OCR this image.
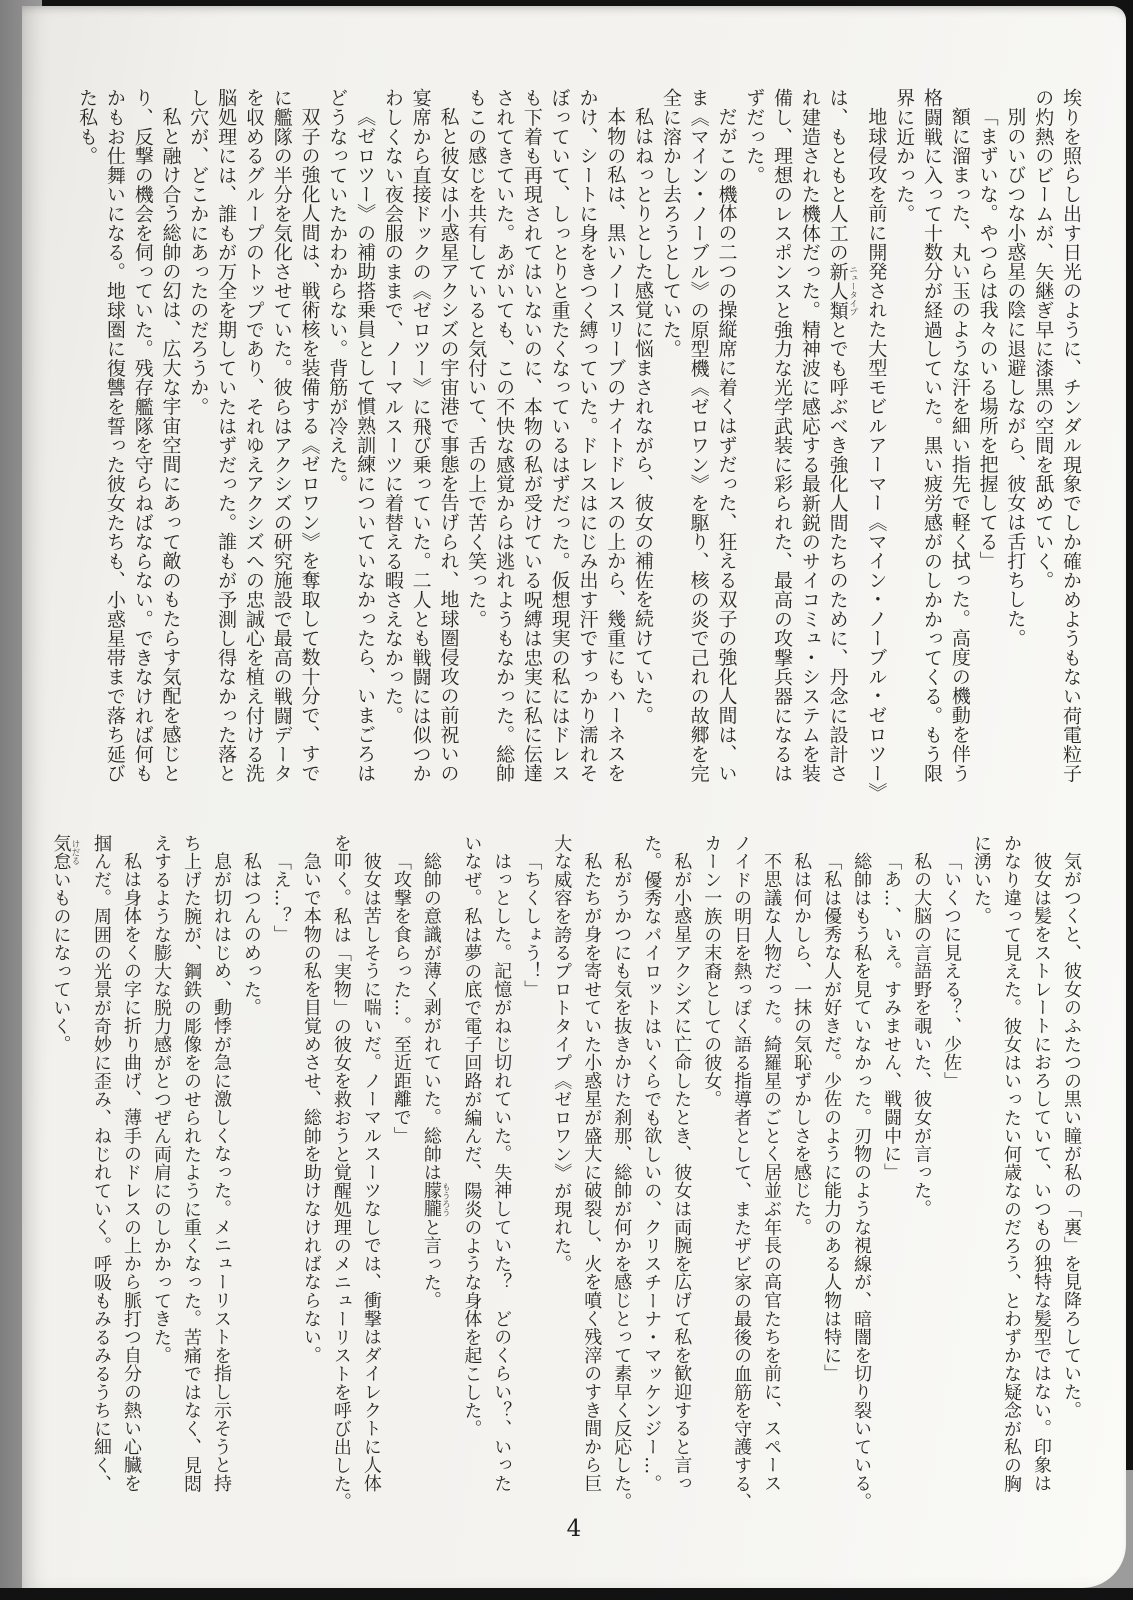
埃りを照らし出す日光のように、チンダル現象でしか確かめようもない荷電粒子
の灼熱のビームが、矢継ぎ早に漆黒の空間を舐めていく。
別のいびつな小惑星の陰に退避しながら、彼女は舌打ちした。
「まずいな。やつらは我々のいる場所を把握してる」
額に溜まった、丸い玉のような汗を細い指先で軽く拭った。高度の機動を伴う
格闘戦に入って十数分が経過していた。黒い疲労感がのしかかってくる。もう限
界に近かった。
地球侵攻を前に開発された大型モビルアーマー《マイン・ノーブル・ゼロツー》
は、もともと人工の新人類 ニュータイプとでも呼ぶべき強化人間たちのために、丹念に設計さ
れ建造された機体だった。精神波に感応する最新鋭のサイコミュ・システムを装
備し、理想のレスポンスと強力な光学武装に彩られた、最高の攻撃兵器になるは
ずだった。
だがこの機体の二つの操縦席に着くはずだった、狂える双子の強化人間は、い
ま《マイン・ノーブル》の原型機《ゼロワン》を駆り、核の炎で己れの故郷を完
全に溶かし去ろうとしていた。
私はねっとりとした感覚に悩まされながら、彼女の補佐を続けていた。
本物の私は、黒いノースリーブのナイトドレスの上から、幾重にもハーネスを
かけ、シートに身をきつく縛っていた。ドレスはにじみ出す汗ですっかり濡れそ
ぼっていて、しっとりと重たくなっているはずだった。仮想現実の私にはドレス
も下着も再現されてはいないのに、本物の私が受けている呪縛は忠実に私に伝達
されてきていた。あがいても、この不快な感覚からは逃れようもなかった。総帥
もこの感じを共有していると気付いて、舌の上で苦く笑った。
私と彼女は小惑星アクシズの宇宙港で事態を告げられ、地球圏侵攻の前祝いの
宴席から直接ドックの《ゼロツー》に飛び乗っていた。二人とも戦闘には似つか
わしくない夜会服のままで、ノーマルスーツに着替える暇さえなかった。
《ゼロツー》の補助搭乗員として慣熟訓練についていなかったら、いまごろは
どうなっていたかわからない。背筋が冷えた。
双子の強化人間は、戦術核を装備する《ゼロワン》を奪取して数十分で、すで
に艦隊の半分を気化させていた。彼らはアクシズの研究施設で最高の戦闘データ
を収めるグループのトップであり、それゆえアクシズへの忠誠心を植え付ける洗
脳処理には、誰もが万全を期していたはずだった。誰もが予測し得なかった落と
し穴が、どこかにあったのだろうか。
私と融け合う総帥の幻は、広大な宇宙空間にあって敵のもたらす気配を感じと
り、反撃の機会を伺っていた。残存艦隊を守らねばならない。できなければ何も
かもお仕舞いになる。地球圏に復讐を誓った彼女たちも、小惑星帯まで落ち延び
た私も。
気がつくと、彼女のふたつの黒い瞳が私の「裏」を見降ろしていた。
彼女は髪をストレートにおろしていて、いつもの独特な髪型ではない。印象は
かなり違って見えた。彼女はいったい何歳なのだろう、とわずかな疑念が私の胸
に湧いた。
「いくつに見える？、少佐」
私の大脳の言語野を覗いた、彼女が言った。
「あ…、いえ。すみません、戦闘中に」
総帥はもう私を見ていなかった。刃物のような視線が、暗闇を切り裂いている。
「私は優秀な人が好きだ。少佐のように能力のある人物は特に」
私は何かしら、一抹の気恥ずかしさを感じた。
不思議な人物だった。綺羅星のごとく居並ぶ年長の高官たちを前に、スペース
ノイドの明日を熱っぽく語る指導者として、またザビ家の最後の血筋を守護する、
カーン一族の末裔としての彼女。
私が小惑星アクシズに亡命したとき、彼女は両腕を広げて私を歓迎すると言っ
た。優秀なパイロットはいくらでも欲しいの、クリスチーナ・マッケンジー…。
私がうかつにも気を抜きかけた刹那、総帥が何かを感じとって素早く反応した。
私たちが身を寄せていた小惑星が盛大に破裂し、火を噴く残滓のすき間から巨
大な威容を誇るプロトタイプ《ゼロワン》が現れた。
「ちくしょう！」
はっとした。記憶がねじ切れていた。失神していた？　どのくらい？、いった
いなぜ。私は夢の底で電子回路が編んだ、陽炎のような身体を起こした。
総帥の意識が薄く剥がれていた。総帥は朦朧もうろうと言った。
「攻撃を食らった…。至近距離で」
彼女は苦しそうに喘いだ。ノーマルスーツなしでは、衝撃はダイレクトに人体
を叩く。私は「実物」の彼女を救おうと覚醒処理のメニューリストを呼び出した。
急いで本物の私を目覚めさせ、総帥を助けなければならない。
「え…？」
私はつんのめった。
息が切れはじめ、動悸が急に激しくなった。メニューリストを指し示そうと持
ち上げた腕が、鋼鉄の彫像をのせられたように重くなった。苦痛ではなく、見悶
えするような膨大な脱力感がとつぜん両肩にのしかかってきた。
私は身体をくの字に折り曲げ、薄手のドレスの上から脈打つ自分の熱い心臓を
掴んだ。周囲の光景が奇妙に歪み、ねじれていく。呼吸もみるみるうちに細く、
気怠けだるいものになっていく。
4
